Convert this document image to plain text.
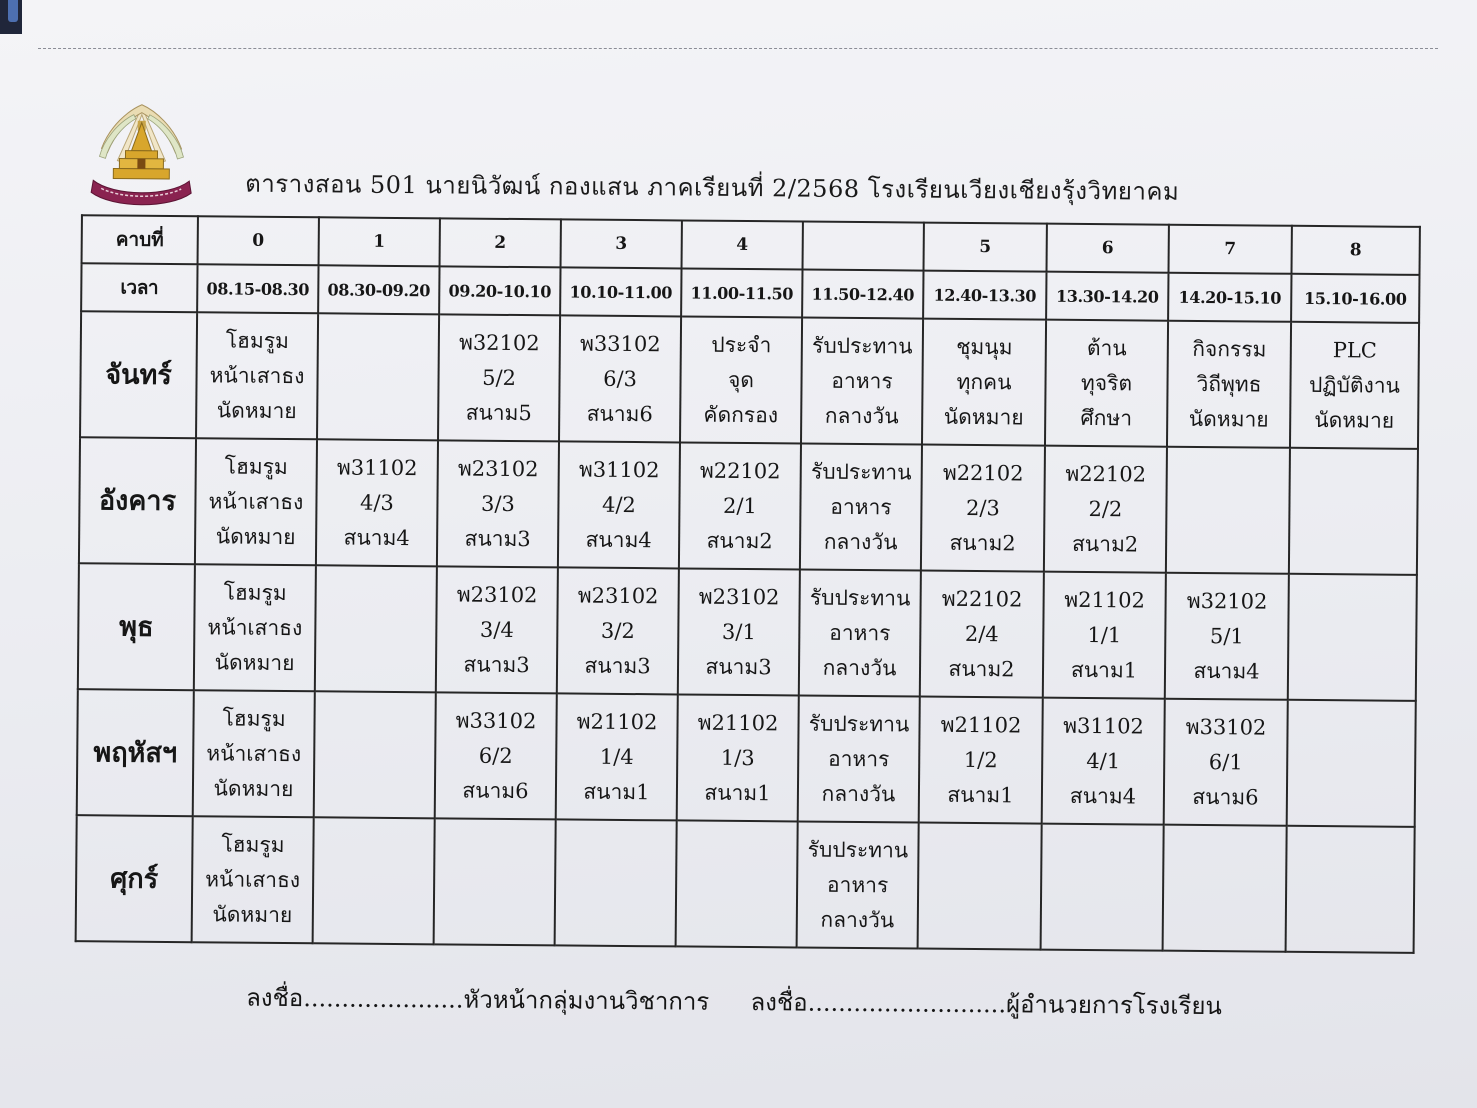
ตารางสอน 501 นายนิวัฒน์ กองแสน ภาคเรียนที่ 2/2568 โรงเรียนเวียงเชียงรุ้งวิทยาคม
คาบที่	0	1	2	3	4		5	6	7	8
เวลา	08.15-08.30	08.30-09.20	09.20-10.10	10.10-11.00	11.00-11.50	11.50-12.40	12.40-13.30	13.30-14.20	14.20-15.10	15.10-16.00
จันทร์	โฮมรูม
หน้าเสาธง
นัดหมาย		พ32102
5/2
สนาม5	พ33102
6/3
สนาม6	ประจำ
จุด
คัดกรอง	รับประทาน
อาหาร
กลางวัน	ชุมนุม
ทุกคน
นัดหมาย	ต้าน
ทุจริต
ศึกษา	กิจกรรม
วิถีพุทธ
นัดหมาย	PLC
ปฏิบัติงาน
นัดหมาย

อังคาร	โฮมรูม
หน้าเสาธง
นัดหมาย	พ31102
4/3
สนาม4	พ23102
3/3
สนาม3	พ31102
4/2
สนาม4	พ22102
2/1
สนาม2	รับประทาน
อาหาร
กลางวัน	พ22102
2/3
สนาม2	พ22102
2/2
สนาม2		

พุธ	โฮมรูม
หน้าเสาธง
นัดหมาย		พ23102
3/4
สนาม3	พ23102
3/2
สนาม3	พ23102
3/1
สนาม3	รับประทาน
อาหาร
กลางวัน	พ22102
2/4
สนาม2	พ21102
1/1
สนาม1	พ32102
5/1
สนาม4	

พฤหัสฯ	โฮมรูม
หน้าเสาธง
นัดหมาย		พ33102
6/2
สนาม6	พ21102
1/4
สนาม1	พ21102
1/3
สนาม1	รับประทาน
อาหาร
กลางวัน	พ21102
1/2
สนาม1	พ31102
4/1
สนาม4	พ33102
6/1
สนาม6	

ศุกร์	โฮมรูม
หน้าเสาธง
นัดหมาย					รับประทาน
อาหาร
กลางวัน				

ลงชื่อ.....................หัวหน้ากลุ่มงานวิชาการ ลงชื่อ..........................ผู้อำนวยการโรงเรียน
